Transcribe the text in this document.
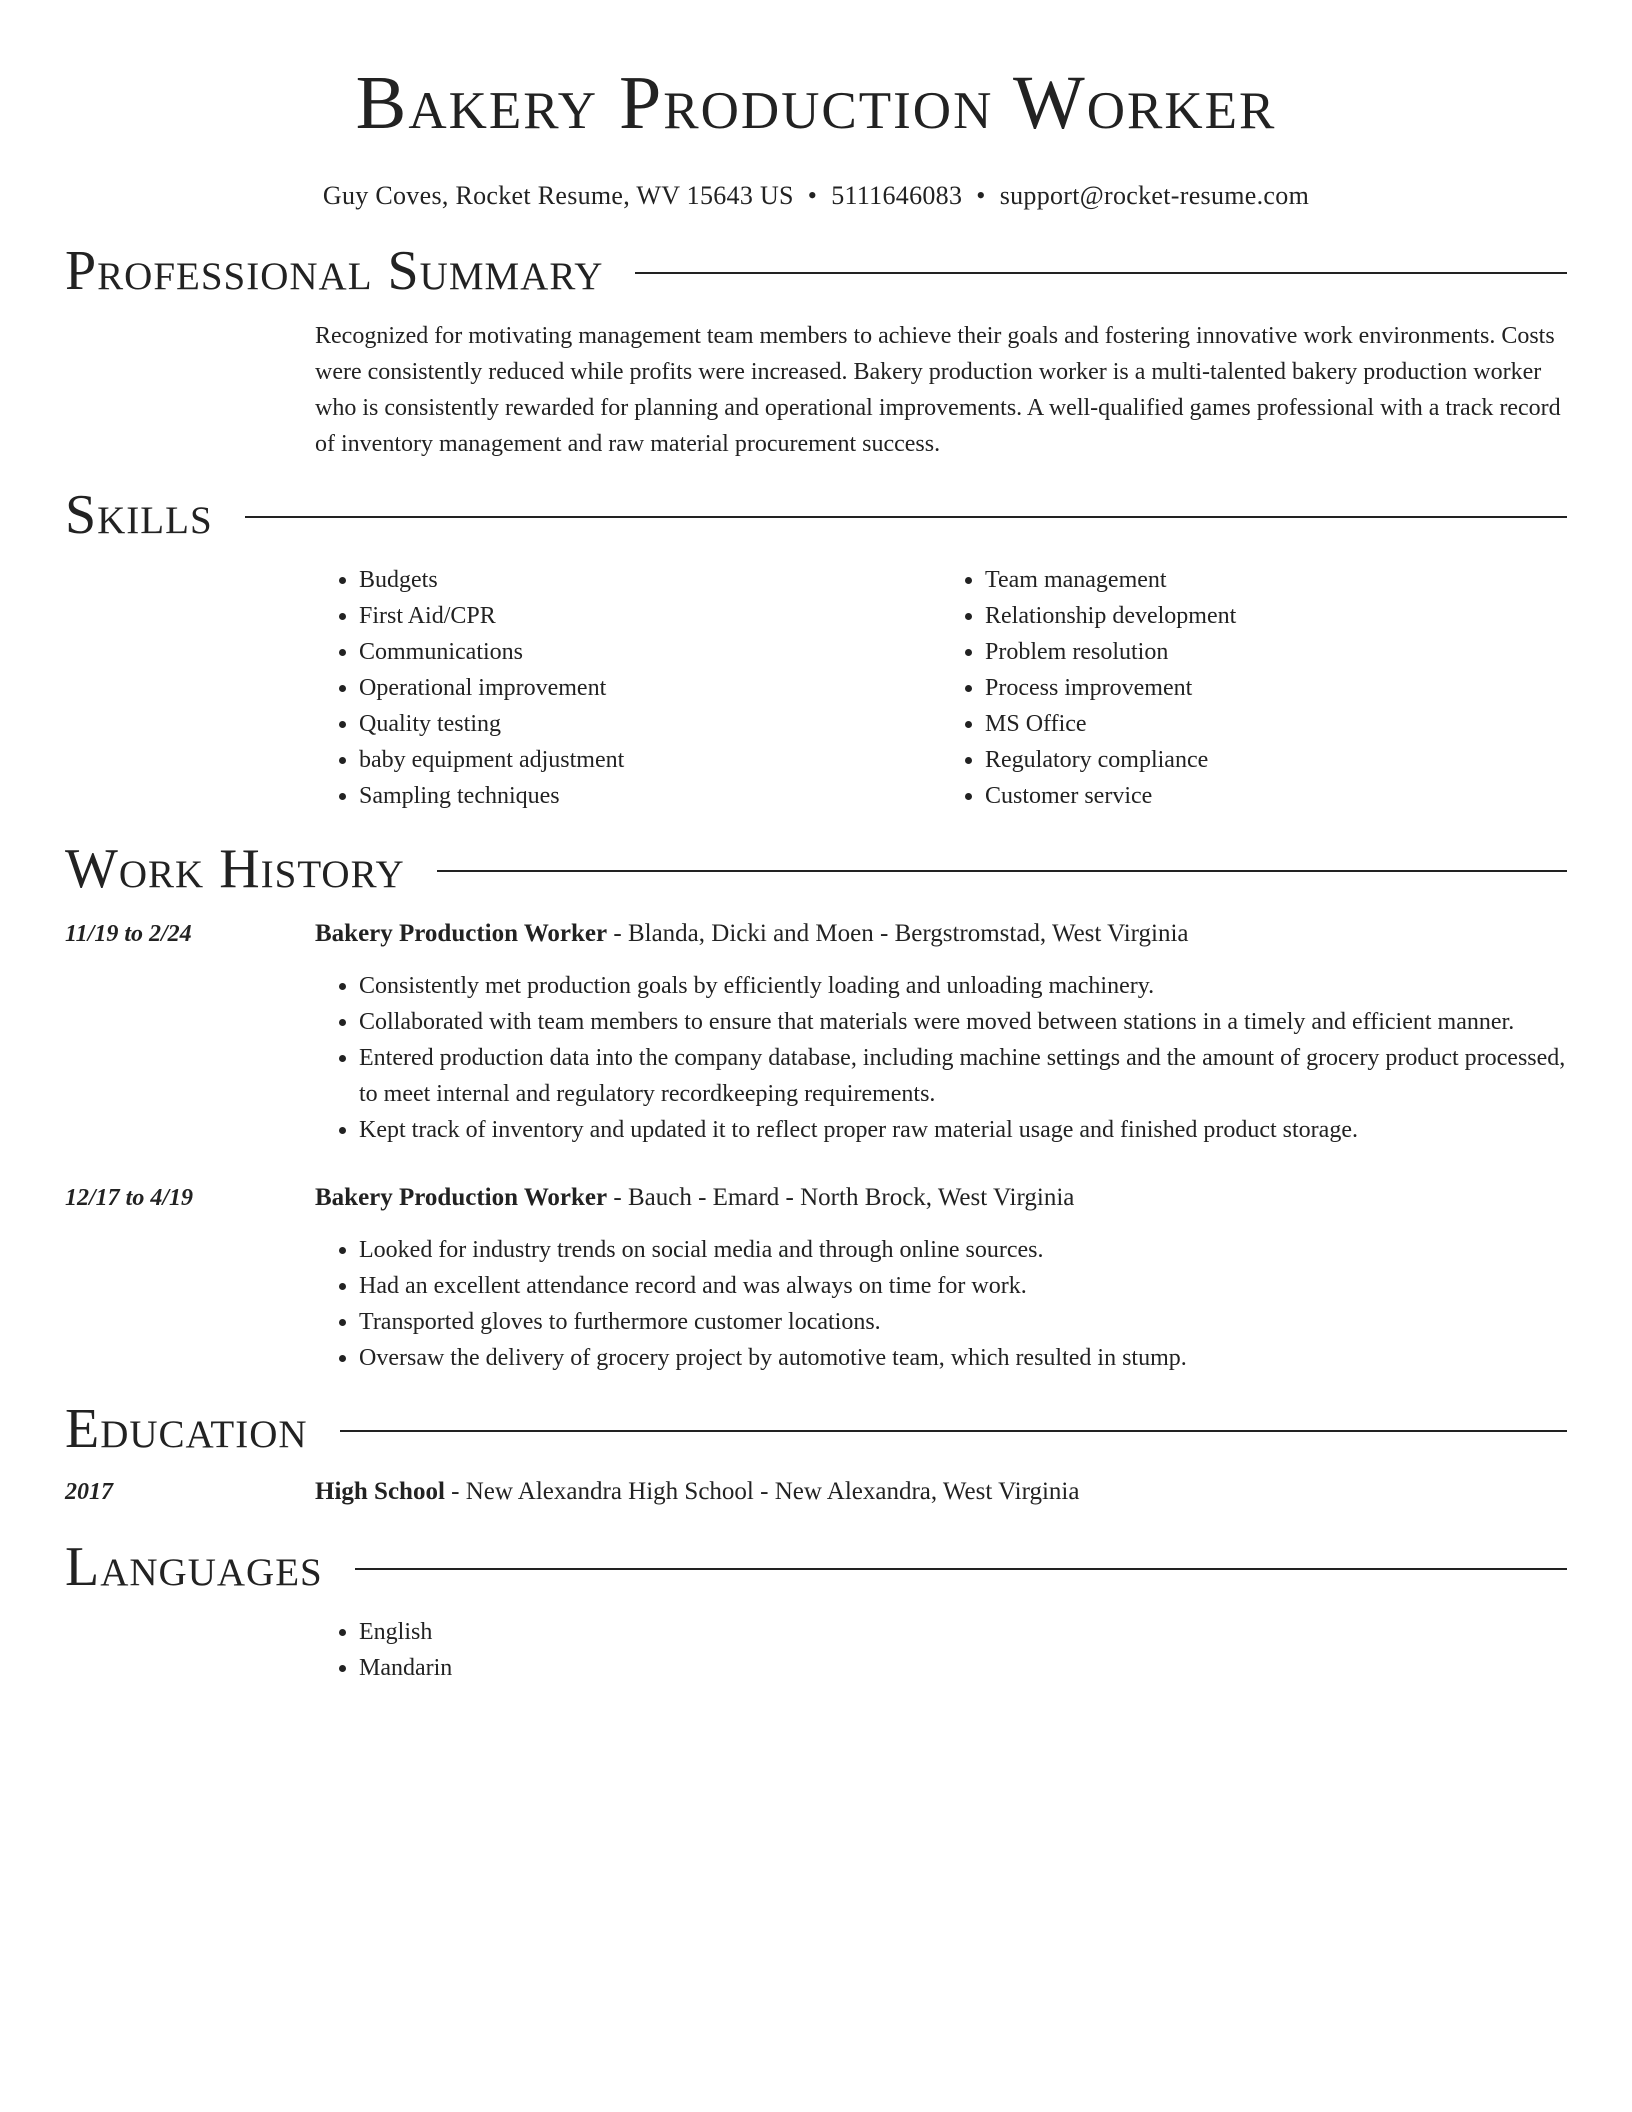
Bakery Production Worker
Guy Coves, Rocket Resume, WV 15643 US • 5111646083 • support@rocket-resume.com
Professional Summary

Recognized for motivating management team members to achieve their goals and fostering innovative work environments. Costs were consistently reduced while profits were increased. Bakery production worker is a multi-talented bakery production worker who is consistently rewarded for planning and operational improvements. A well-qualified games professional with a track record of inventory management and raw material procurement success.

Skills
• Budgets
• First Aid/CPR
• Communications
• Operational improvement
• Quality testing
• baby equipment adjustment
• Sampling techniques
• Team management
• Relationship development
• Problem resolution
• Process improvement
• MS Office
• Regulatory compliance
• Customer service
Work History
11/19 to 2/24	Bakery Production Worker - Blanda, Dicki and Moen - Bergstromstad, West Virginia
• Consistently met production goals by efficiently loading and unloading machinery.
• Collaborated with team members to ensure that materials were moved between stations in a timely and efficient manner.
• Entered production data into the company database, including machine settings and the amount of grocery product processed, to meet internal and regulatory recordkeeping requirements.
• Kept track of inventory and updated it to reflect proper raw material usage and finished product storage.
12/17 to 4/19	Bakery Production Worker - Bauch - Emard - North Brock, West Virginia
• Looked for industry trends on social media and through online sources.
• Had an excellent attendance record and was always on time for work.
• Transported gloves to furthermore customer locations.
• Oversaw the delivery of grocery project by automotive team, which resulted in stump.
Education
2017	High School - New Alexandra High School - New Alexandra, West Virginia
Languages
• English
• Mandarin
